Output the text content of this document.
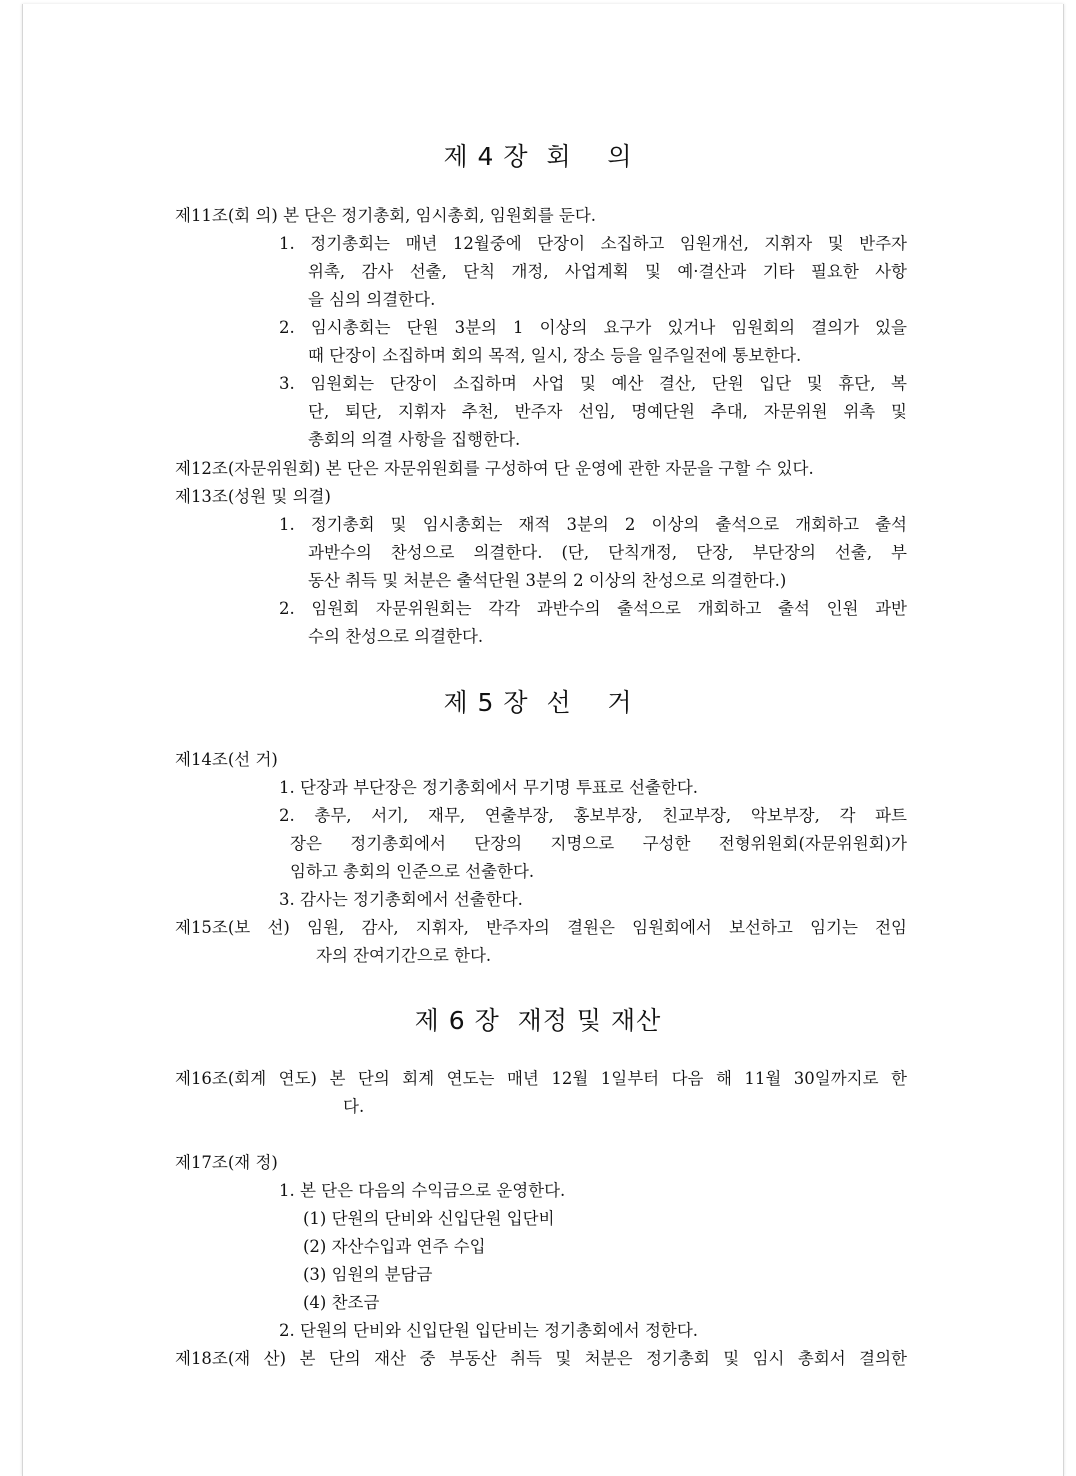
제 4 장  회    의
제11조(회 의) 본 단은 정기총회, 임시총회, 임원회를 둔다.
1. 정기총회는 매년 12월중에 단장이 소집하고 임원개선, 지휘자 및 반주자
위촉, 감사 선출, 단칙 개정, 사업계획 및 예·결산과 기타 필요한 사항
을 심의 의결한다.
2. 임시총회는 단원 3분의 1 이상의 요구가 있거나 임원회의 결의가 있을
때 단장이 소집하며 회의 목적, 일시, 장소 등을 일주일전에 통보한다.
3. 임원회는 단장이 소집하며 사업 및 예산 결산, 단원 입단 및 휴단, 복
단, 퇴단, 지휘자 추천, 반주자 선임, 명예단원 추대, 자문위원 위촉 및
총회의 의결 사항을 집행한다.
제12조(자문위원회) 본 단은 자문위원회를 구성하여 단 운영에 관한 자문을 구할 수 있다.
제13조(성원 및 의결)
1. 정기총회 및 임시총회는 재적 3분의 2 이상의 출석으로 개회하고 출석
과반수의 찬성으로 의결한다. (단, 단칙개정, 단장, 부단장의 선출, 부
동산 취득 및 처분은 출석단원 3분의 2 이상의 찬성으로 의결한다.)
2. 임원회 자문위원회는 각각 과반수의 출석으로 개회하고 출석 인원 과반
수의 찬성으로 의결한다.
제 5 장  선    거
제14조(선 거)
1. 단장과 부단장은 정기총회에서 무기명 투표로 선출한다.
2. 총무, 서기, 재무, 연출부장, 홍보부장, 친교부장, 악보부장, 각 파트
장은 정기총회에서 단장의 지명으로 구성한 전형위원회(자문위원회)가
임하고 총회의 인준으로 선출한다.
3. 감사는 정기총회에서 선출한다.
제15조(보 선) 임원, 감사, 지휘자, 반주자의 결원은 임원회에서 보선하고 임기는 전임
자의 잔여기간으로 한다.
제 6 장  재정 및 재산
제16조(회계 연도) 본 단의 회계 연도는 매년 12월 1일부터 다음 해 11월 30일까지로 한
다.
제17조(재 정)
1. 본 단은 다음의 수익금으로 운영한다.
(1) 단원의 단비와 신입단원 입단비
(2) 자산수입과 연주 수입
(3) 임원의 분담금
(4) 찬조금
2. 단원의 단비와 신입단원 입단비는 정기총회에서 정한다.
제18조(재 산) 본 단의 재산 중 부동산 취득 및 처분은 정기총회 및 임시 총회서 결의한
